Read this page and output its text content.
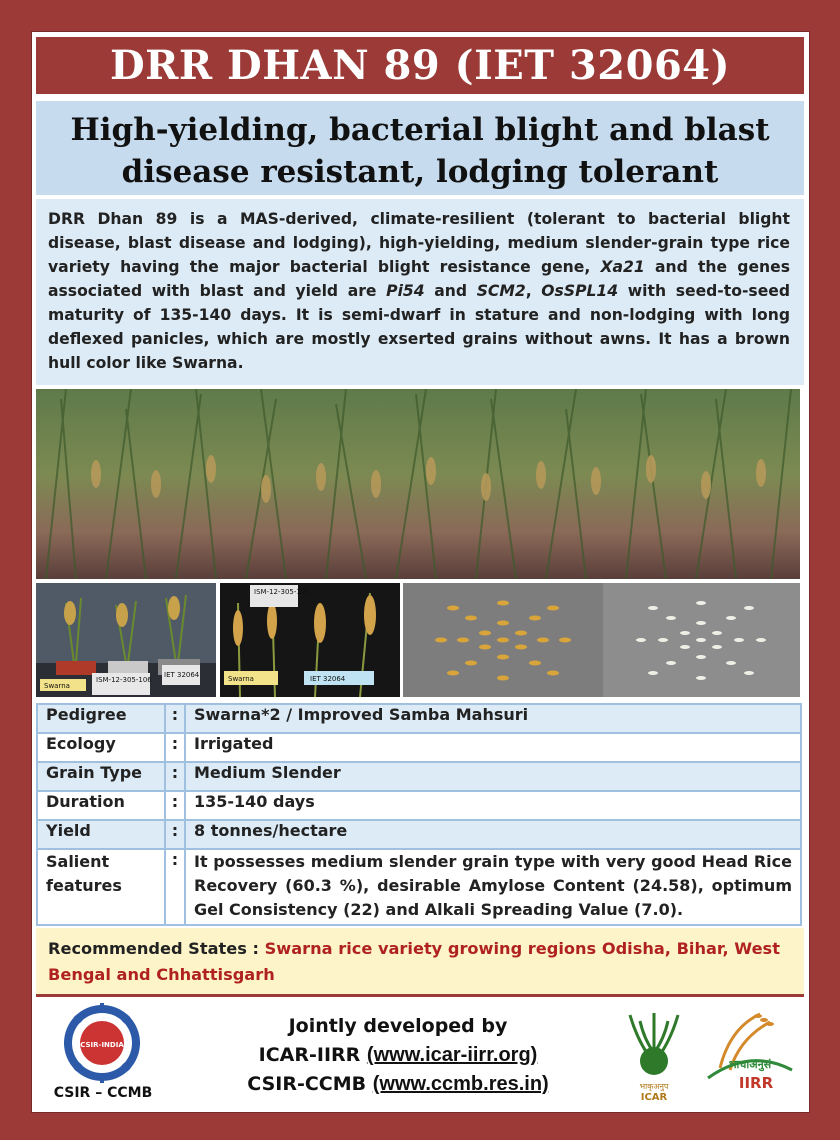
DRR DHAN 89 (IET 32064)
High-yielding, bacterial blight and blast
disease resistant, lodging tolerant
DRR Dhan 89 is a MAS-derived, climate-resilient (tolerant to bacterial blight disease, blast disease and lodging), high-yielding, medium slender-grain type rice variety having the major bacterial blight resistance gene, Xa21 and the genes associated with blast and yield are Pi54 and SCM2, OsSPL14 with seed-to-seed maturity of 135-140 days. It is semi-dwarf in stature and non-lodging with long deflexed panicles, which are mostly exserted grains without awns. It has a brown hull color like Swarna.
Swarna
ISM-12-305-106
IET 32064
ISM-12-305-106
Swarna	IET 32064
Pedigree	:	Swarna*2 / Improved Samba Mahsuri
Ecology	:	Irrigated
Grain Type	:	Medium Slender
Duration	:	135-140 days
Yield	:	8 tonnes/hectare
Salient features	:	It possesses medium slender grain type with very good Head Rice Recovery (60.3 %), desirable Amylose Content (24.58), optimum Gel Consistency (22) and Alkali Spreading Value (7.0).
Recommended States : Swarna rice variety growing regions Odisha, Bihar, West Bengal and Chhattisgarh
CSIR-INDIA
CSIR – CCMB
Jointly developed by
ICAR-IIRR (www.icar-iirr.org)
CSIR-CCMB (www.ccmb.res.in)	भाकृअनुप
ICAR
भाचाअनुसं
IIRR
